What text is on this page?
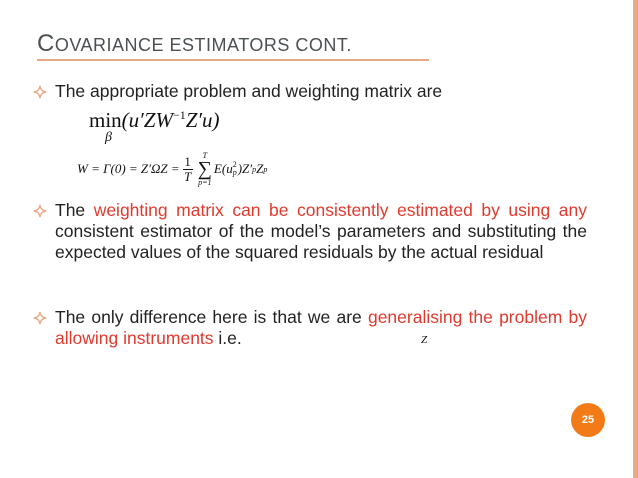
COVARIANCE ESTIMATORS CONT.
The appropriate problem and weighting matrix are
min
β
$(u'ZW^{-1}Z'u)$
W = Γ(0) = Z′ΩZ = 1
T
T
∑
p=1
E(u 2
p )Z′ p Z p
The weighting matrix can be consistently estimated by using any consistent estimator of the model’s parameters and substituting the expected values of the squared residuals by the actual residual
The only difference here is that we are generalising the problem by allowing instruments i.e.	Z
25
